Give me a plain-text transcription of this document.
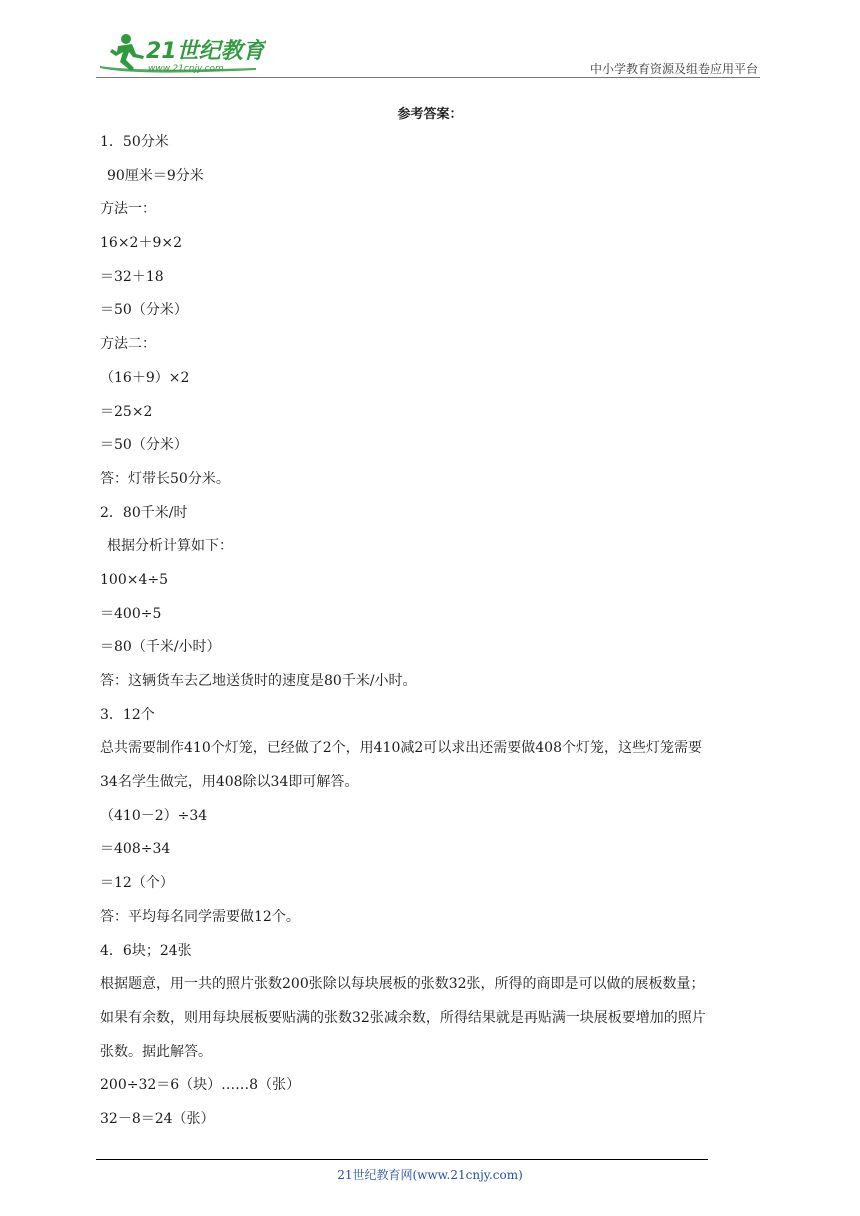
21世纪教育
www.21cnjy.com	中小学教育资源及组卷应用平台
参考答案：
1．50分米
90厘米＝9分米
方法一：
16×2＋9×2
＝32＋18
＝50（分米）
方法二：
（16＋9）×2
＝25×2
＝50（分米）
答：灯带长50分米。
2．80千米/时
根据分析计算如下：
100×4÷5
＝400÷5
＝80（千米/小时）
答：这辆货车去乙地送货时的速度是80千米/小时。
3．12个
总共需要制作410个灯笼，已经做了2个，用410减2可以求出还需要做408个灯笼，这些灯笼需要
34名学生做完，用408除以34即可解答。
（410－2）÷34
＝408÷34
＝12（个）
答：平均每名同学需要做12个。
4．6块；24张
根据题意，用一共的照片张数200张除以每块展板的张数32张，所得的商即是可以做的展板数量；
如果有余数，则用每块展板要贴满的张数32张减余数，所得结果就是再贴满一块展板要增加的照片
张数。据此解答。
200÷32＝6（块）……8（张）
32－8＝24（张）
21世纪教育网(www.21cnjy.com)
